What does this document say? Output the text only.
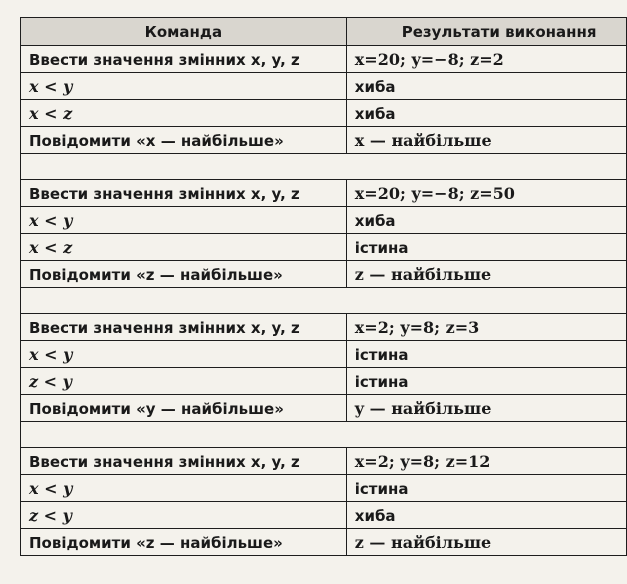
Команда	Результати виконання
Ввести значення змінних x, y, z	x=20; y=−8; z=2
x < y	хиба
x < z	хиба
Повідомити «x — найбільше»	x — найбільше

Ввести значення змінних x, y, z	x=20; y=−8; z=50
x < y	хиба
x < z	істина
Повідомити «z — найбільше»	z — найбільше

Ввести значення змінних x, y, z	x=2; y=8; z=3
x < y	істина
z < y	істина
Повідомити «y — найбільше»	y — найбільше

Ввести значення змінних x, y, z	x=2; y=8; z=12
x < y	істина
z < y	хиба
Повідомити «z — найбільше»	z — найбільше
